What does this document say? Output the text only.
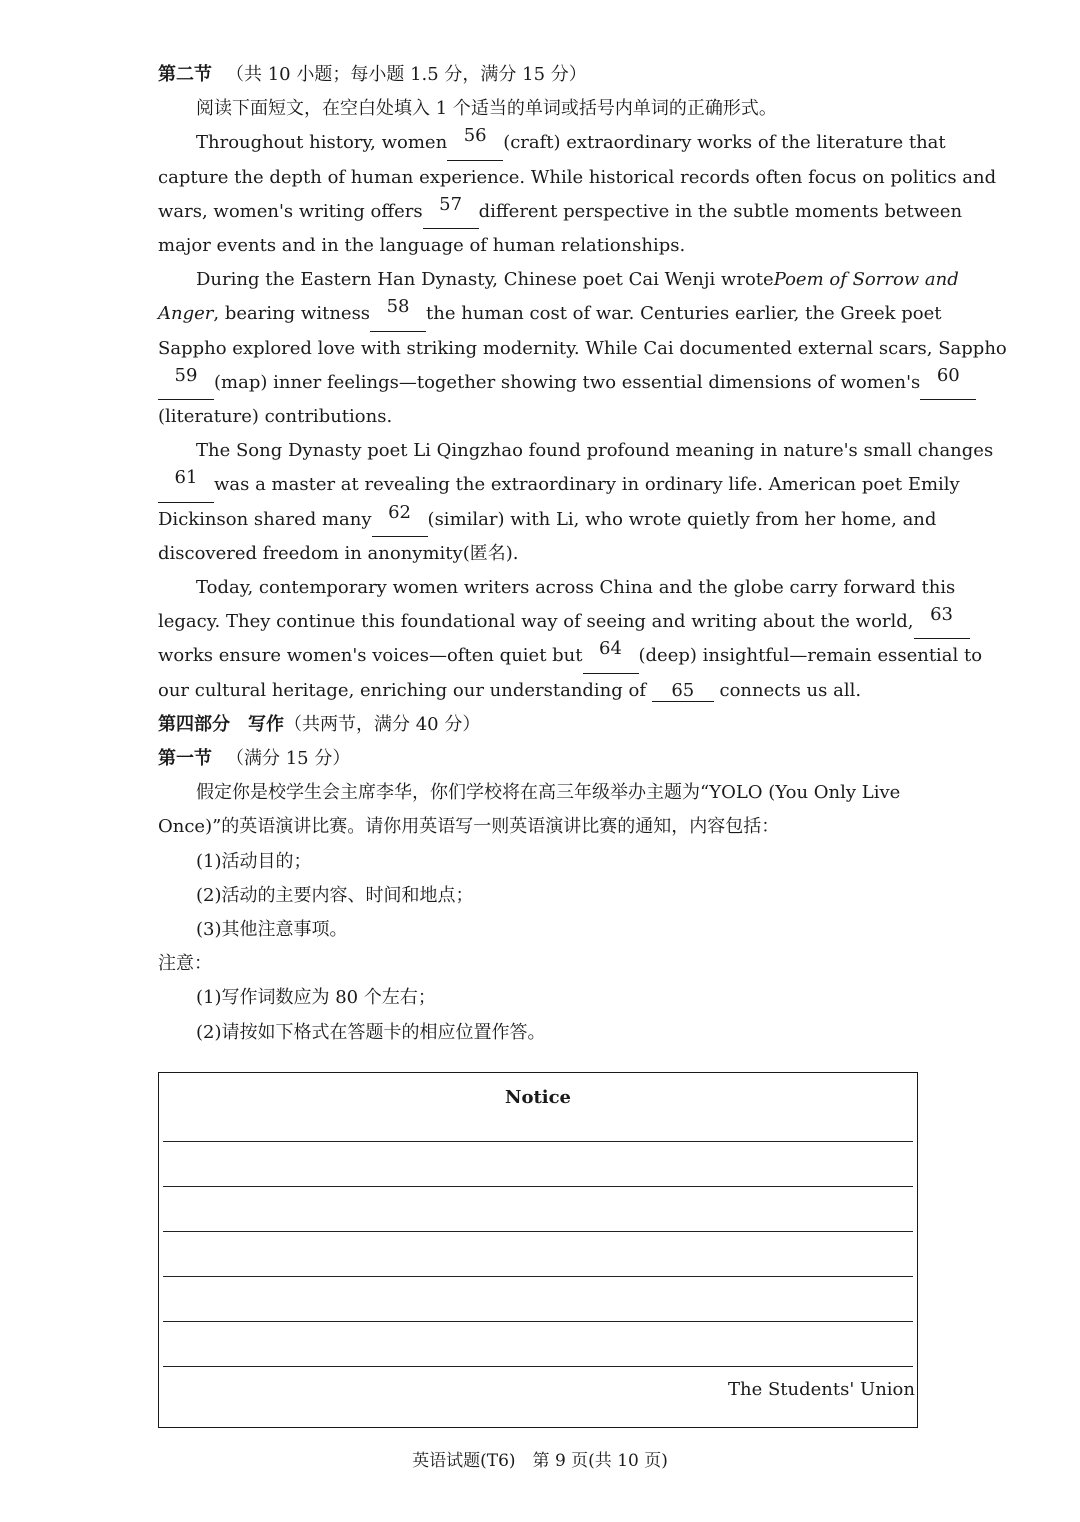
第二节 （共 10 小题；每小题 1.5 分，满分 15 分）
阅读下面短文，在空白处填入 1 个适当的单词或括号内单词的正确形式。
Throughout history, women 56 (craft) extraordinary works of the literature that
capture the depth of human experience. While historical records often focus on politics and
wars, women's writing offers 57 different perspective in the subtle moments between
major events and in the language of human relationships.
During the Eastern Han Dynasty, Chinese poet Cai Wenji wrote Poem of Sorrow and
Anger, bearing witness 58 the human cost of war. Centuries earlier, the Greek poet
Sappho explored love with striking modernity. While Cai documented external scars, Sappho
59 (map) inner feelings—together showing two essential dimensions of women's 60
(literature) contributions.
The Song Dynasty poet Li Qingzhao found profound meaning in nature's small changes
61 was a master at revealing the extraordinary in ordinary life. American poet Emily
Dickinson shared many 62 (similar) with Li, who wrote quietly from her home, and
discovered freedom in anonymity(匿名).
Today, contemporary women writers across China and the globe carry forward this
legacy. They continue this foundational way of seeing and writing about the world, 63
works ensure women's voices—often quiet but 64 (deep) insightful—remain essential to
our cultural heritage, enriching our understanding of 65 connects us all.
第四部分 写作（共两节，满分 40 分）
第一节 （满分 15 分）
假定你是校学生会主席李华，你们学校将在高三年级举办主题为“YOLO (You Only Live
Once)”的英语演讲比赛。请你用英语写一则英语演讲比赛的通知，内容包括：
(1)活动目的；
(2)活动的主要内容、时间和地点；
(3)其他注意事项。
注意：
(1)写作词数应为 80 个左右；
(2)请按如下格式在答题卡的相应位置作答。
Notice
The Students' Union
英语试题(T6)　第 9 页(共 10 页)
